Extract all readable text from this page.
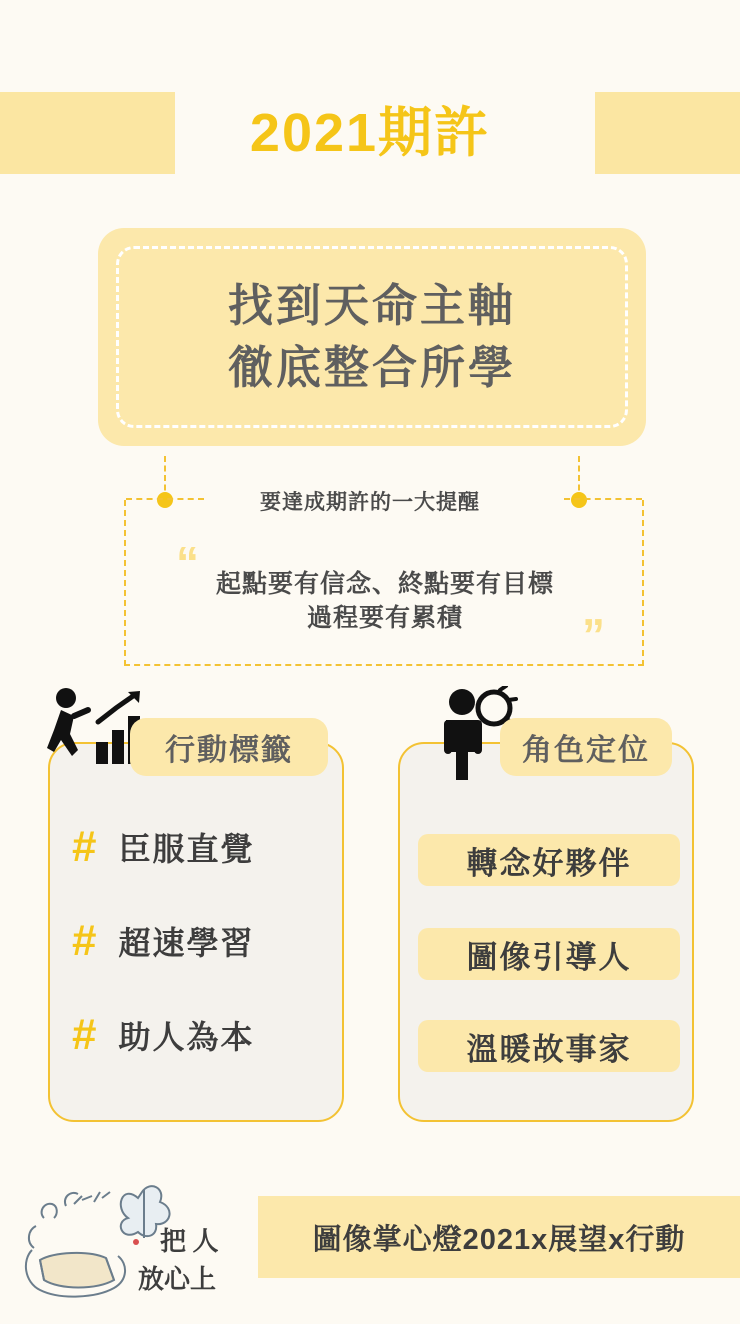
2021期許
找到天命主軸
徹底整合所學
要達成期許的一大提醒
“
”
起點要有信念、終點要有目標
過程要有累積
行動標籤	角色定位
# 臣服直覺
# 超速學習
# 助人為本
轉念好夥伴
圖像引導人
溫暖故事家
圖像掌心燈2021x展望x行動
把 人
放心上
